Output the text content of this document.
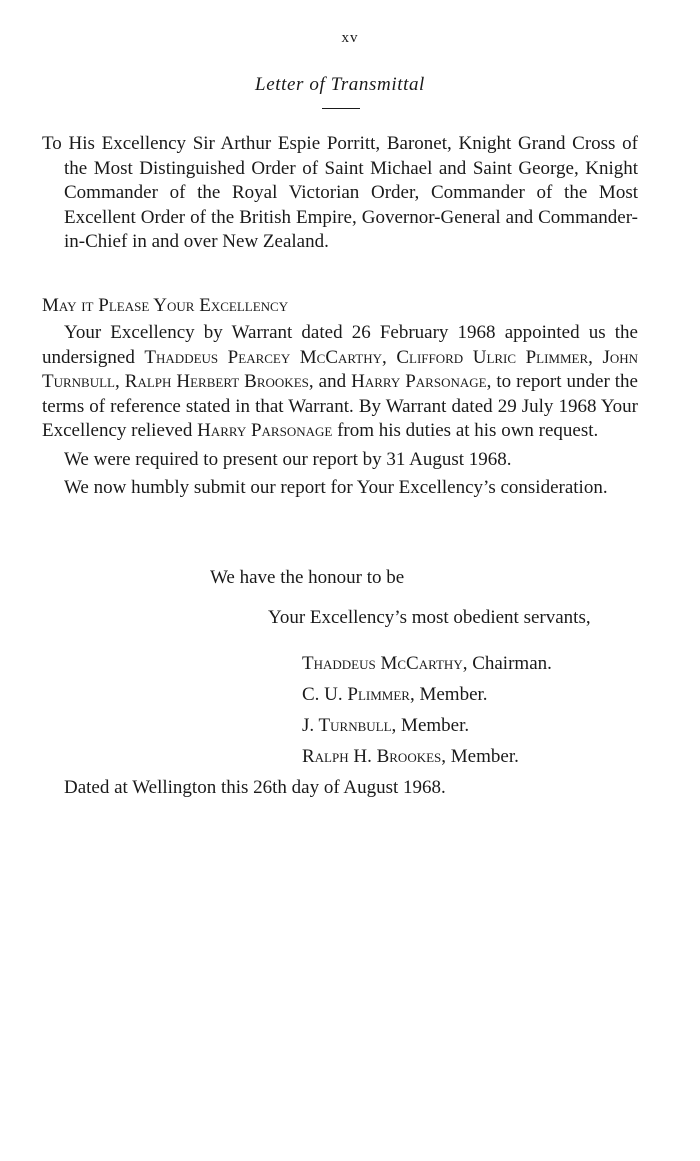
xv
Letter of Transmittal
To His Excellency Sir Arthur Espie Porritt, Baronet, Knight Grand Cross of the Most Distinguished Order of Saint Michael and Saint George, Knight Commander of the Royal Victorian Order, Commander of the Most Excellent Order of the British Empire, Governor-General and Commander-in-Chief in and over New Zealand.
May it Please Your Excellency

Your Excellency by Warrant dated 26 February 1968 appointed us the undersigned Thaddeus Pearcey McCarthy, Clifford Ulric Plimmer, John Turnbull, Ralph Herbert Brookes, and Harry Parsonage, to report under the terms of reference stated in that Warrant. By Warrant dated 29 July 1968 Your Excellency relieved Harry Parsonage from his duties at his own request.

We were required to present our report by 31 August 1968.

We now humbly submit our report for Your Excellency’s consideration.

We have the honour to be
Your Excellency’s most obedient servants,
Thaddeus McCarthy, Chairman.
C. U. Plimmer, Member.
J. Turnbull, Member.
Ralph H. Brookes, Member.
Dated at Wellington this 26th day of August 1968.
